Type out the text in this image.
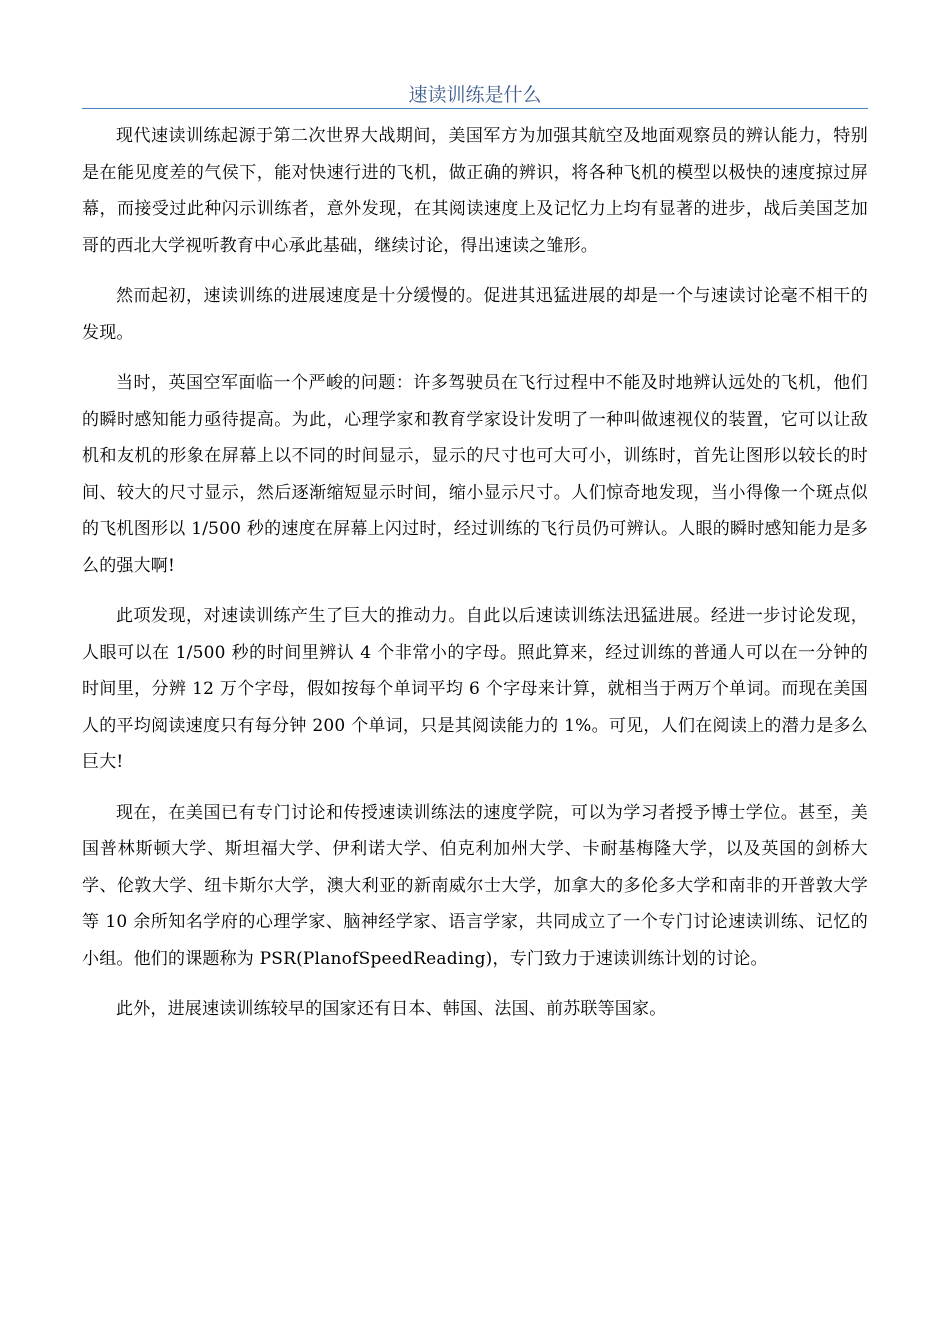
速读训练是什么

现代速读训练起源于第二次世界大战期间，美国军方为加强其航空及地面观察员的辨认能力，特别是在能见度差的气侯下，能对快速行进的飞机，做正确的辨识，将各种飞机的模型以极快的速度掠过屏幕，而接受过此种闪示训练者，意外发现，在其阅读速度上及记忆力上均有显著的进步，战后美国芝加哥的西北大学视听教育中心承此基础，继续讨论，得出速读之雏形。

然而起初，速读训练的进展速度是十分缓慢的。促进其迅猛进展的却是一个与速读讨论毫不相干的发现。

当时，英国空军面临一个严峻的问题：许多驾驶员在飞行过程中不能及时地辨认远处的飞机，他们的瞬时感知能力亟待提高。为此，心理学家和教育学家设计发明了一种叫做速视仪的装置，它可以让敌机和友机的形象在屏幕上以不同的时间显示，显示的尺寸也可大可小，训练时，首先让图形以较长的时间、较大的尺寸显示，然后逐渐缩短显示时间，缩小显示尺寸。人们惊奇地发现，当小得像一个斑点似的飞机图形以 1/500 秒的速度在屏幕上闪过时，经过训练的飞行员仍可辨认。人眼的瞬时感知能力是多么的强大啊!

此项发现，对速读训练产生了巨大的推动力。自此以后速读训练法迅猛进展。经进一步讨论发现，人眼可以在 1/500 秒的时间里辨认 4 个非常小的字母。照此算来，经过训练的普通人可以在一分钟的时间里，分辨 12 万个字母，假如按每个单词平均 6 个字母来计算，就相当于两万个单词。而现在美国人的平均阅读速度只有每分钟 200 个单词，只是其阅读能力的 1%。可见，人们在阅读上的潜力是多么巨大!

现在，在美国已有专门讨论和传授速读训练法的速度学院，可以为学习者授予博士学位。甚至，美国普林斯顿大学、斯坦福大学、伊利诺大学、伯克利加州大学、卡耐基梅隆大学，以及英国的剑桥大学、伦敦大学、纽卡斯尔大学，澳大利亚的新南威尔士大学，加拿大的多伦多大学和南非的开普敦大学等 10 余所知名学府的心理学家、脑神经学家、语言学家，共同成立了一个专门讨论速读训练、记忆的小组。他们的课题称为 PSR(PlanofSpeedReading)，专门致力于速读训练计划的讨论。

此外，进展速读训练较早的国家还有日本、韩国、法国、前苏联等国家。
